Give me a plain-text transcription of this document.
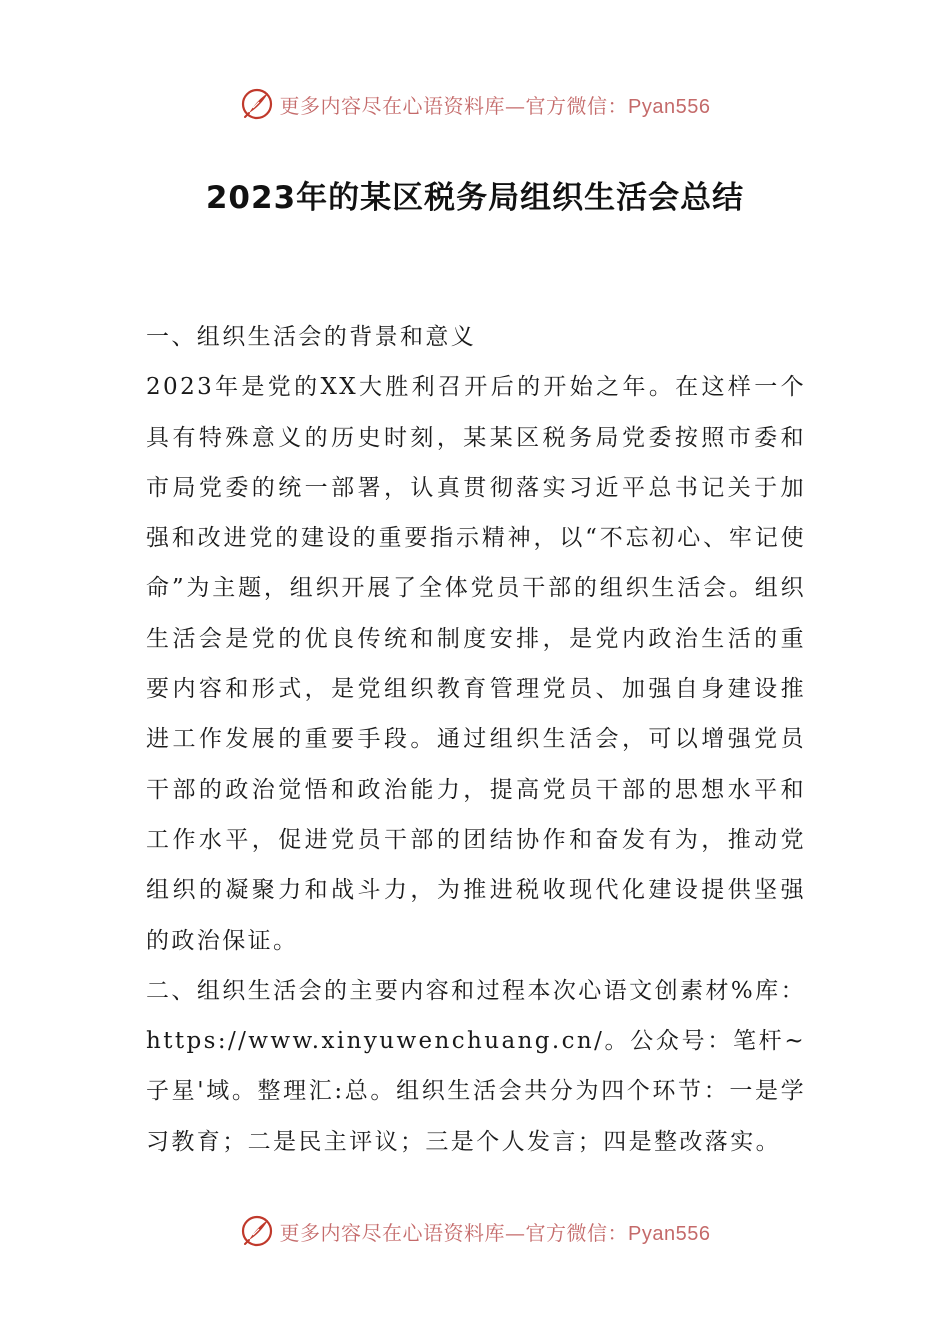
更多内容尽在心语资料库—官方微信：Pyan556
2023年的某区税务局组织生活会总结

一、组织生活会的背景和意义

2023年是党的XX大胜利召开后的开始之年。在这样一个具有特殊意义的历史时刻，某某区税务局党委按照市委和市局党委的统一部署，认真贯彻落实习近平总书记关于加强和改进党的建设的重要指示精神，以“不忘初心、牢记使命”为主题，组织开展了全体党员干部的组织生活会。组织生活会是党的优良传统和制度安排，是党内政治生活的重要内容和形式，是党组织教育管理党员、加强自身建设推进工作发展的重要手段。通过组织生活会，可以增强党员干部的政治觉悟和政治能力，提高党员干部的思想水平和工作水平，促进党员干部的团结协作和奋发有为，推动党组织的凝聚力和战斗力，为推进税收现代化建设提供坚强的政治保证。

二、组织生活会的主要内容和过程本次心语文创素材%库：https://www.xinyuwenchuang.cn/。公众号：笔杆~子星'域。整理汇:总。组织生活会共分为四个环节：一是学习教育；二是民主评议；三是个人发言；四是整改落实。

更多内容尽在心语资料库—官方微信：Pyan556
